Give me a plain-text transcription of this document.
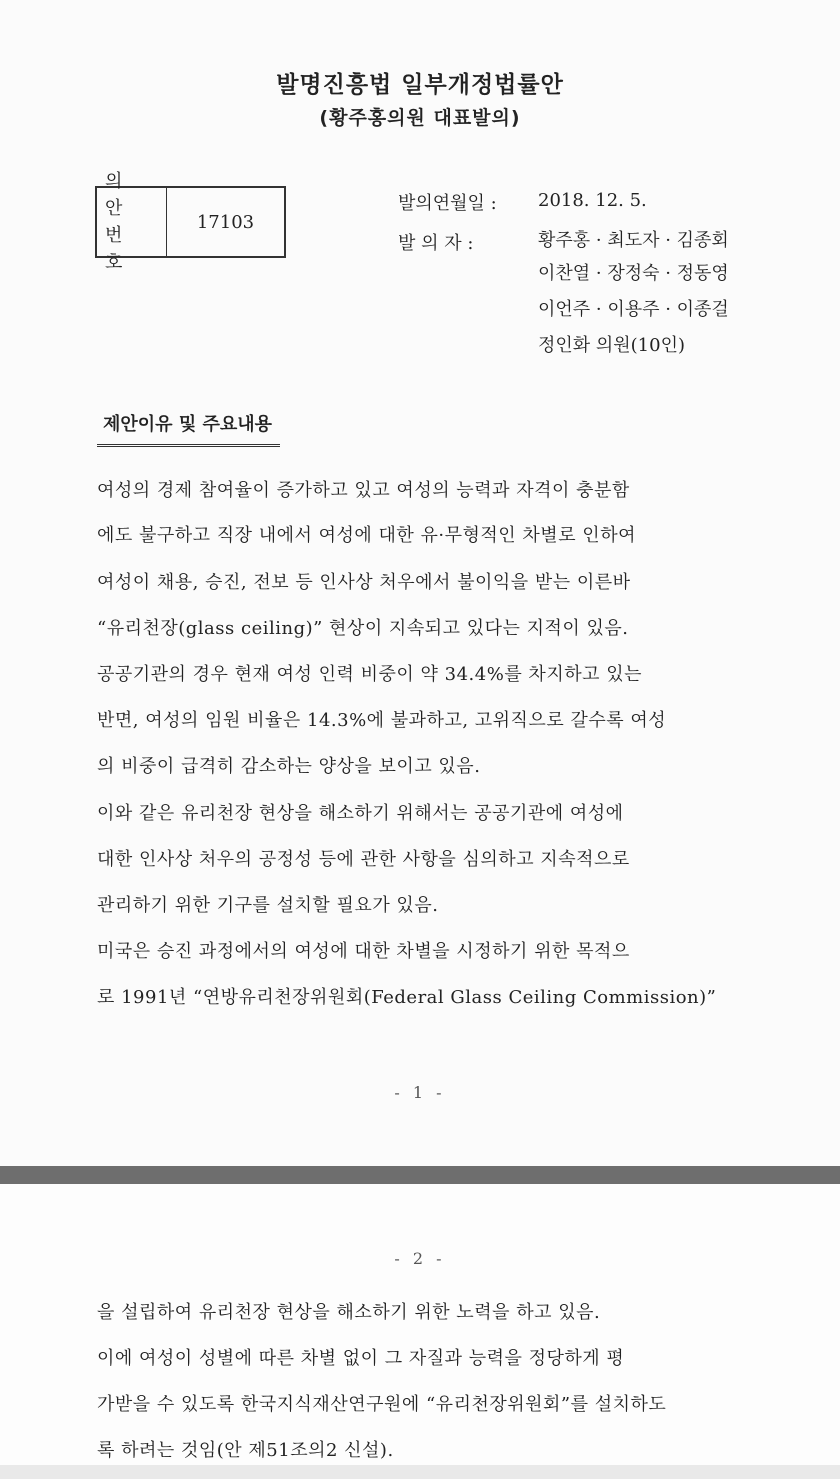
발명진흥법 일부개정법률안
(황주홍의원 대표발의)
의 안
번 호
17103
발의연월일 : 2018. 12. 5.
발 의 자 :	황주홍 · 최도자 · 김종회
이찬열 · 장정숙 · 정동영
이언주 · 이용주 · 이종걸
정인화 의원(10인)
제안이유 및 주요내용
여성의 경제 참여율이 증가하고 있고 여성의 능력과 자격이 충분함
에도 불구하고 직장 내에서 여성에 대한 유·무형적인 차별로 인하여
여성이 채용, 승진, 전보 등 인사상 처우에서 불이익을 받는 이른바
“유리천장(glass ceiling)” 현상이 지속되고 있다는 지적이 있음.
공공기관의 경우 현재 여성 인력 비중이 약 34.4%를 차지하고 있는
반면, 여성의 임원 비율은 14.3%에 불과하고, 고위직으로 갈수록 여성
의 비중이 급격히 감소하는 양상을 보이고 있음.
이와 같은 유리천장 현상을 해소하기 위해서는 공공기관에 여성에
대한 인사상 처우의 공정성 등에 관한 사항을 심의하고 지속적으로
관리하기 위한 기구를 설치할 필요가 있음.
미국은 승진 과정에서의 여성에 대한 차별을 시정하기 위한 목적으
로 1991년 “연방유리천장위원회(Federal Glass Ceiling Commission)”
- 1 -
- 2 -
을 설립하여 유리천장 현상을 해소하기 위한 노력을 하고 있음.
이에 여성이 성별에 따른 차별 없이 그 자질과 능력을 정당하게 평
가받을 수 있도록 한국지식재산연구원에 “유리천장위원회”를 설치하도
록 하려는 것임(안 제51조의2 신설).
